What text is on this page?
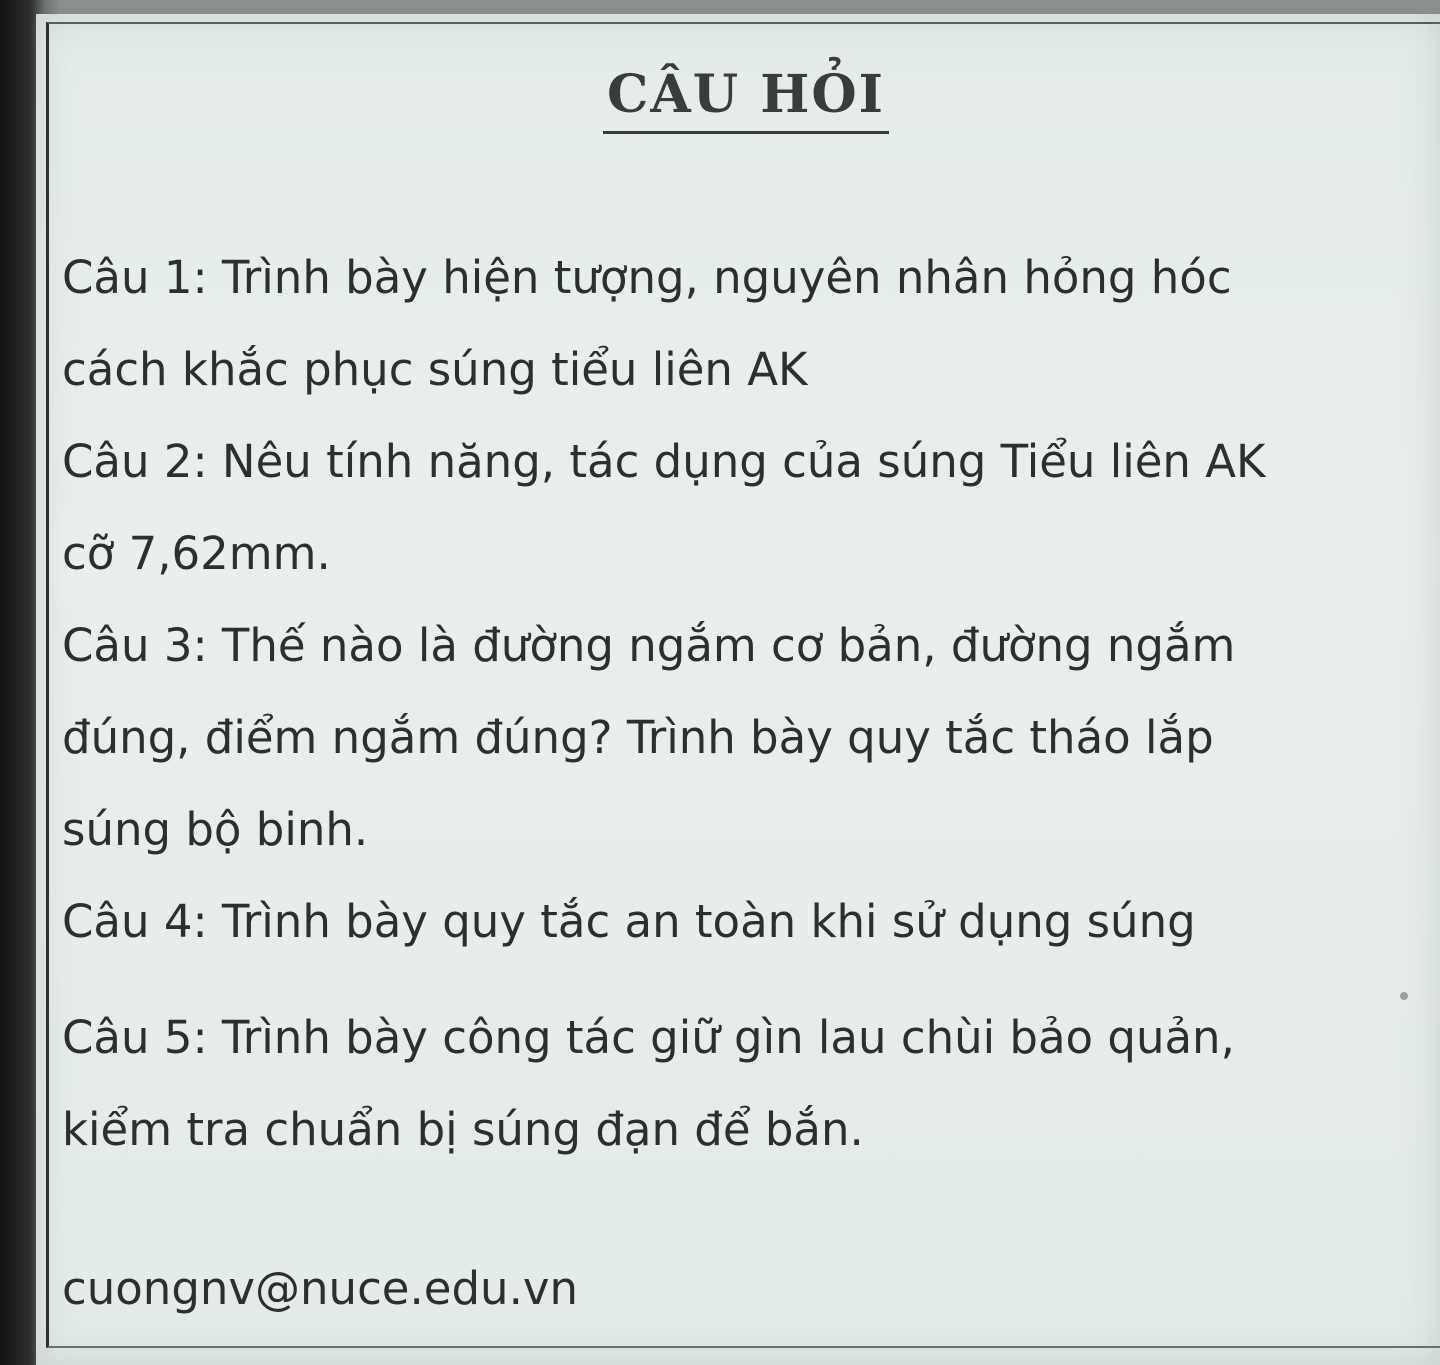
CÂU HỎI

Câu 1: Trình bày hiện tượng, nguyên nhân hỏng hóc

cách khắc phục súng tiểu liên AK

Câu 2: Nêu tính năng, tác dụng của súng Tiểu liên AK

cỡ 7,62mm.

Câu 3: Thế nào là đường ngắm cơ bản, đường ngắm

đúng, điểm ngắm đúng? Trình bày quy tắc tháo lắp

súng bộ binh.

Câu 4: Trình bày quy tắc an toàn khi sử dụng súng

Câu 5: Trình bày công tác giữ gìn lau chùi bảo quản,

kiểm tra chuẩn bị súng đạn để bắn.

cuongnv@nuce.edu.vn
